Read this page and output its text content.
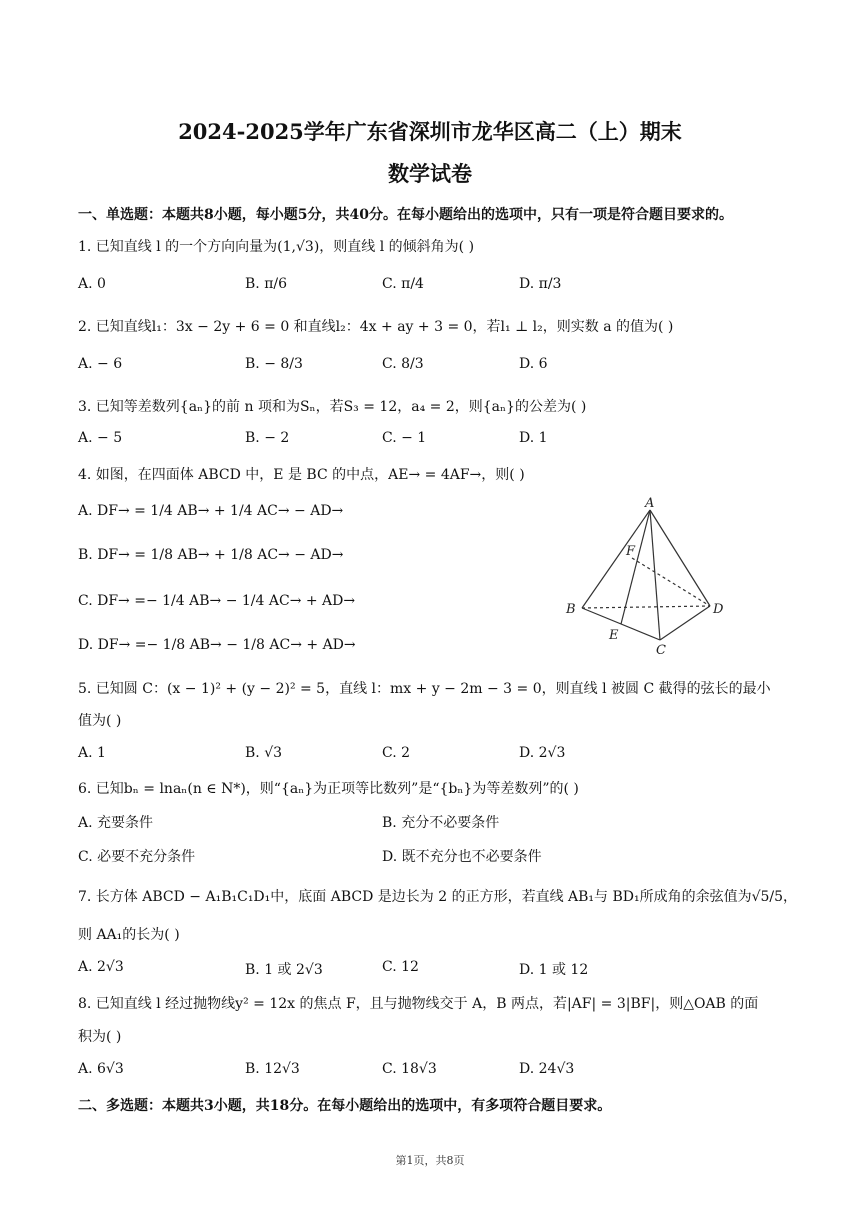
2024-2025学年广东省深圳市龙华区高二（上）期末
数学试卷
一、单选题：本题共8小题，每小题5分，共40分。在每小题给出的选项中，只有一项是符合题目要求的。
1. 已知直线 l 的一个方向向量为(1,√3)，则直线 l 的倾斜角为( )
A. 0	B. π/6	C. π/4	D. π/3
2. 已知直线l₁：3x − 2y + 6 = 0 和直线l₂：4x + ay + 3 = 0，若l₁ ⊥ l₂，则实数 a 的值为( )
A. − 6	B. − 8/3	C. 8/3	D. 6
3. 已知等差数列{aₙ}的前 n 项和为Sₙ，若S₃ = 12，a₄ = 2，则{aₙ}的公差为( )
A. − 5	B. − 2	C. − 1	D. 1
4. 如图，在四面体 ABCD 中，E 是 BC 的中点，AE→ = 4AF→，则( )
A. DF→ = 1/4 AB→ + 1/4 AC→ − AD→
B. DF→ = 1/8 AB→ + 1/8 AC→ − AD→
C. DF→ =− 1/4 AB→ − 1/4 AC→ + AD→
D. DF→ =− 1/8 AB→ − 1/8 AC→ + AD→
A
B
C
D
E
F
5. 已知圆 C：(x − 1)² + (y − 2)² = 5，直线 l：mx + y − 2m − 3 = 0，则直线 l 被圆 C 截得的弦长的最小
值为( )
A. 1	B. √3	C. 2	D. 2√3
6. 已知bₙ = lnaₙ(n ∈ N*)，则“{aₙ}为正项等比数列”是“{bₙ}为等差数列”的( )
A. 充要条件	B. 充分不必要条件
C. 必要不充分条件	D. 既不充分也不必要条件
7. 长方体 ABCD − A₁B₁C₁D₁中，底面 ABCD 是边长为 2 的正方形，若直线 AB₁与 BD₁所成角的余弦值为√5/5，
则 AA₁的长为( )
A. 2√3	B. 1 或 2√3	C. 12	D. 1 或 12
8. 已知直线 l 经过抛物线y² = 12x 的焦点 F，且与抛物线交于 A，B 两点，若|AF| = 3|BF|，则△OAB 的面
积为( )
A. 6√3	B. 12√3	C. 18√3	D. 24√3
二、多选题：本题共3小题，共18分。在每小题给出的选项中，有多项符合题目要求。
第1页，共8页
